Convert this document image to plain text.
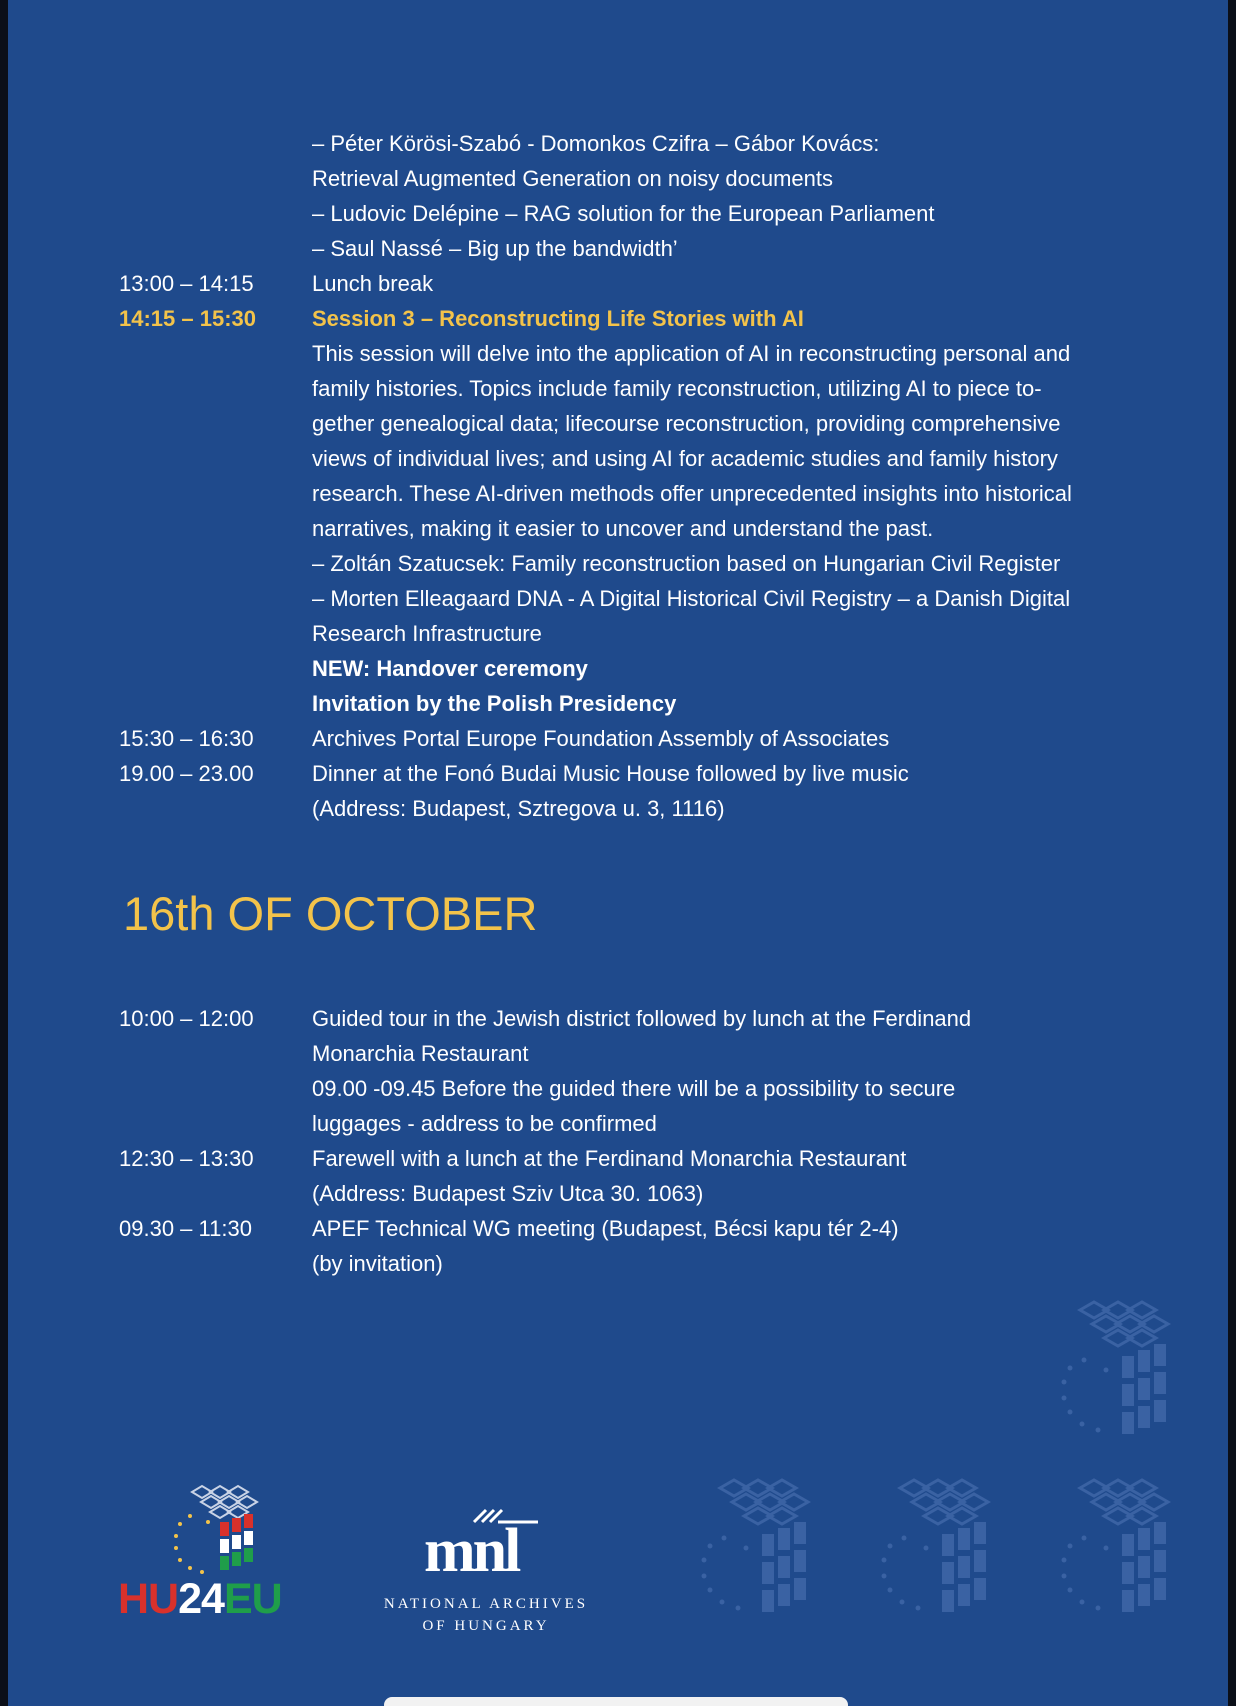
– Péter Körösi-Szabó - Domonkos Czifra – Gábor Kovács:
Retrieval Augmented Generation on noisy documents
– Ludovic Delépine – RAG solution for the European Parliament
– Saul Nassé – Big up the bandwidth’
13:00 – 14:15	Lunch break
14:15 – 15:30	Session 3 – Reconstructing Life Stories with AI
This session will delve into the application of AI in reconstructing personal and
family histories. Topics include family reconstruction, utilizing AI to piece to-
gether genealogical data; lifecourse reconstruction, providing comprehensive
views of individual lives; and using AI for academic studies and family history
research. These AI-driven methods offer unprecedented insights into historical
narratives, making it easier to uncover and understand the past.
– Zoltán Szatucsek: Family reconstruction based on Hungarian Civil Register
– Morten Elleagaard DNA - A Digital Historical Civil Registry – a Danish Digital
Research Infrastructure
NEW: Handover ceremony
Invitation by the Polish Presidency
15:30 – 16:30	Archives Portal Europe Foundation Assembly of Associates
19.00 – 23.00	Dinner at the Fonó Budai Music House followed by live music
(Address: Budapest, Sztregova u. 3, 1116)
16th OF OCTOBER
10:00 – 12:00	Guided tour in the Jewish district followed by lunch at the Ferdinand
Monarchia Restaurant
09.00 -09.45 Before the guided there will be a possibility to secure
luggages - address to be confirmed
12:30 – 13:30	Farewell with a lunch at the Ferdinand Monarchia Restaurant
(Address: Budapest Sziv Utca 30. 1063)
09.30 – 11:30	APEF Technical WG meeting (Budapest, Bécsi kapu tér 2-4)
(by invitation)
HU24EU
mnl
NATIONAL ARCHIVES
OF HUNGARY
